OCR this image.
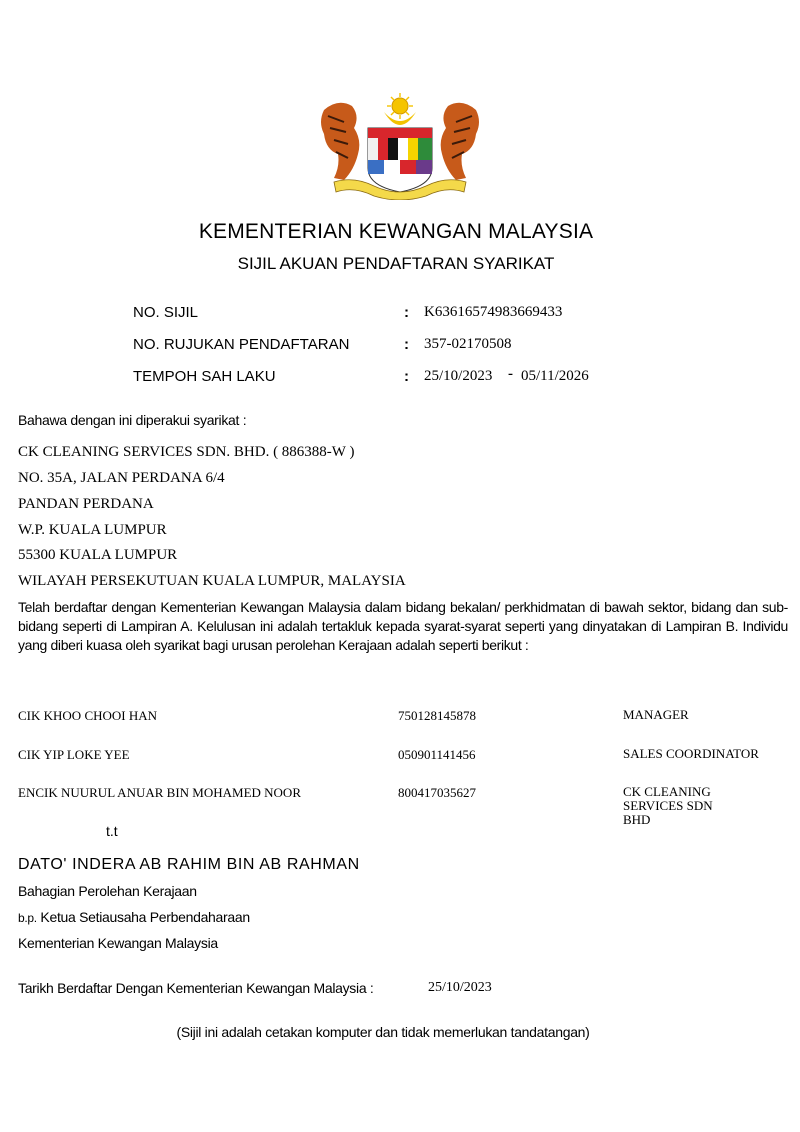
KEMENTERIAN KEWANGAN MALAYSIA
SIJIL AKUAN PENDAFTARAN SYARIKAT
NO. SIJIL	: K63616574983669433
NO. RUJUKAN PENDAFTARAN	: 357-02170508
TEMPOH SAH LAKU	: 25/10/2023 - 05/11/2026
Bahawa dengan ini diperakui syarikat :
CK CLEANING SERVICES SDN. BHD. ( 886388-W )
NO. 35A, JALAN PERDANA 6/4
PANDAN PERDANA
W.P. KUALA LUMPUR
55300 KUALA LUMPUR
WILAYAH PERSEKUTUAN KUALA LUMPUR, MALAYSIA
Telah berdaftar dengan Kementerian Kewangan Malaysia dalam bidang bekalan/ perkhidmatan di bawah sektor, bidang dan sub-bidang seperti di Lampiran A. Kelulusan ini adalah tertakluk kepada syarat-syarat seperti yang dinyatakan di Lampiran B. Individu yang diberi kuasa oleh syarikat bagi urusan perolehan Kerajaan adalah seperti berikut :
CIK KHOO CHOOI HAN	750128145878	MANAGER
CIK YIP LOKE YEE	050901141456	SALES COORDINATOR
ENCIK NUURUL ANUAR BIN MOHAMED NOOR	800417035627	CK CLEANING SERVICES SDN BHD
t.t
DATO' INDERA AB RAHIM BIN AB RAHMAN
Bahagian Perolehan Kerajaan
b.p. Ketua Setiausaha Perbendaharaan
Kementerian Kewangan Malaysia
Tarikh Berdaftar Dengan Kementerian Kewangan Malaysia :	25/10/2023
(Sijil ini adalah cetakan komputer dan tidak memerlukan tandatangan)
